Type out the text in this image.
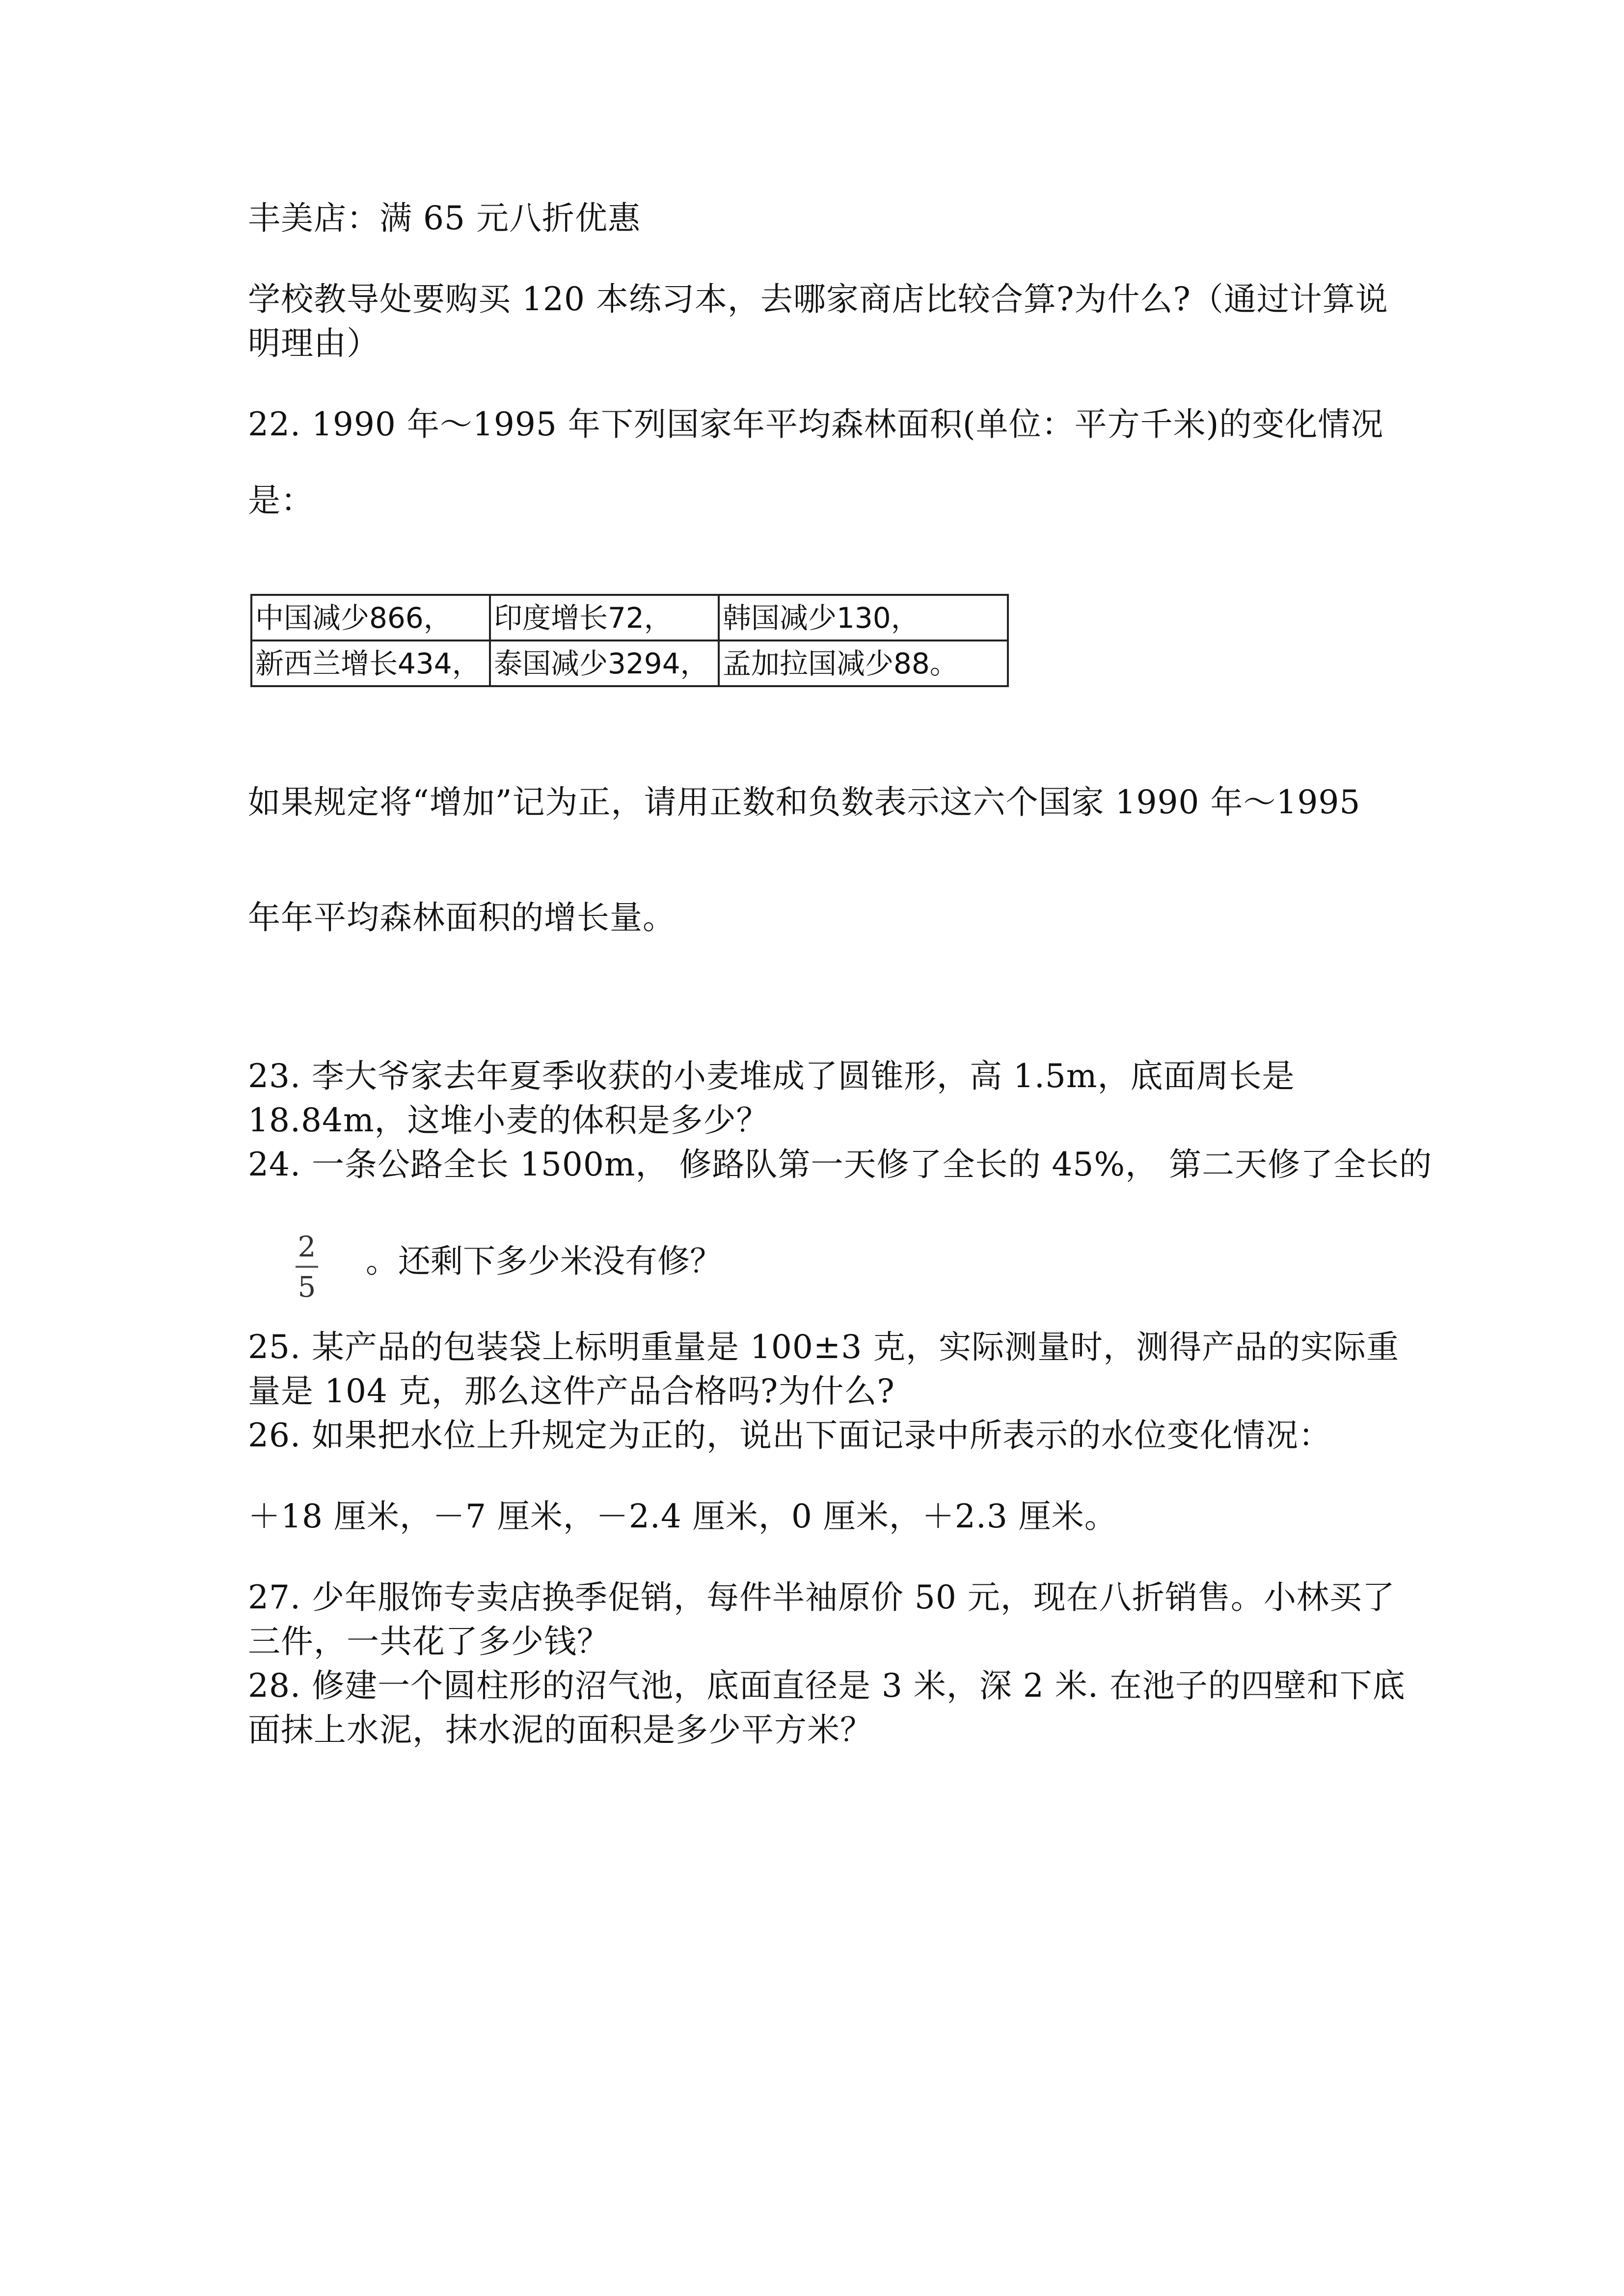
丰美店：满 65 元八折优惠
学校教导处要购买 120 本练习本，去哪家商店比较合算?为什么?（通过计算说
明理由）
22. 1990 年～1995 年下列国家年平均森林面积(单位：平方千米)的变化情况
是：
中国减少866，	印度增长72，	韩国减少130，
新西兰增长434，	泰国减少3294，	孟加拉国减少88。
如果规定将“增加”记为正，请用正数和负数表示这六个国家 1990 年～1995
年年平均森林面积的增长量。
23. 李大爷家去年夏季收获的小麦堆成了圆锥形，高 1.5m，底面周长是
18.84m，这堆小麦的体积是多少？
24. 一条公路全长 1500m， 修路队第一天修了全长的 45%， 第二天修了全长的
2
5
。还剩下多少米没有修？
25. 某产品的包装袋上标明重量是 100±3 克，实际测量时，测得产品的实际重
量是 104 克，那么这件产品合格吗?为什么?
26. 如果把水位上升规定为正的，说出下面记录中所表示的水位变化情况：
＋18 厘米，－7 厘米，－2.4 厘米，0 厘米，＋2.3 厘米。
27. 少年服饰专卖店换季促销，每件半袖原价 50 元，现在八折销售。小林买了
三件，一共花了多少钱？
28. 修建一个圆柱形的沼气池，底面直径是 3 米，深 2 米. 在池子的四壁和下底
面抹上水泥，抹水泥的面积是多少平方米？
